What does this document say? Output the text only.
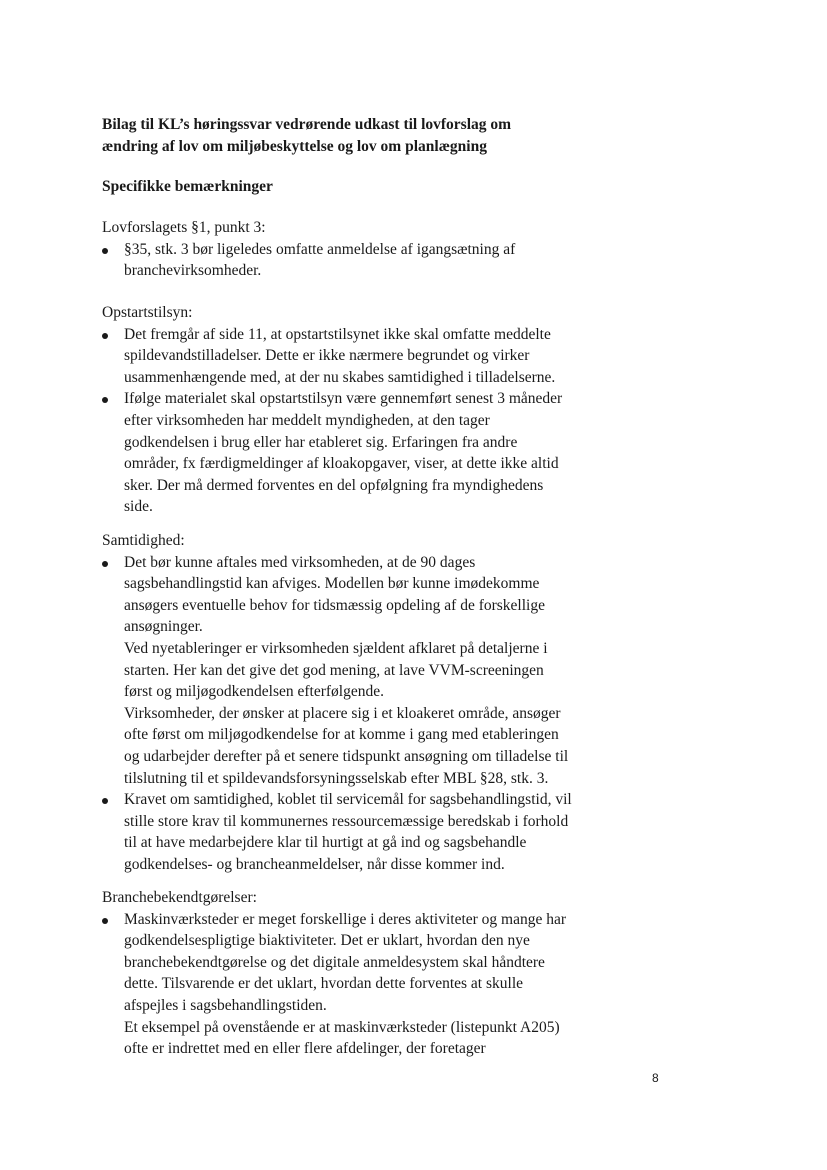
Bilag til KL’s høringssvar vedrørende udkast til lovforslag om
ændring af lov om miljøbeskyttelse og lov om planlægning
Specifikke bemærkninger
Lovforslagets §1, punkt 3:
§35, stk. 3 bør ligeledes omfatte anmeldelse af igangsætning af
branchevirksomheder.
Opstartstilsyn:
Det fremgår af side 11, at opstartstilsynet ikke skal omfatte meddelte
spildevandstilladelser. Dette er ikke nærmere begrundet og virker
usammenhængende med, at der nu skabes samtidighed i tilladelserne.
Ifølge materialet skal opstartstilsyn være gennemført senest 3 måneder
efter virksomheden har meddelt myndigheden, at den tager
godkendelsen i brug eller har etableret sig. Erfaringen fra andre
områder, fx færdigmeldinger af kloakopgaver, viser, at dette ikke altid
sker. Der må dermed forventes en del opfølgning fra myndighedens
side.
Samtidighed:
Det bør kunne aftales med virksomheden, at de 90 dages
sagsbehandlingstid kan afviges. Modellen bør kunne imødekomme
ansøgers eventuelle behov for tidsmæssig opdeling af de forskellige
ansøgninger.
Ved nyetableringer er virksomheden sjældent afklaret på detaljerne i
starten. Her kan det give det god mening, at lave VVM-screeningen
først og miljøgodkendelsen efterfølgende.
Virksomheder, der ønsker at placere sig i et kloakeret område, ansøger
ofte først om miljøgodkendelse for at komme i gang med etableringen
og udarbejder derefter på et senere tidspunkt ansøgning om tilladelse til
tilslutning til et spildevandsforsyningsselskab efter MBL §28, stk. 3.
Kravet om samtidighed, koblet til servicemål for sagsbehandlingstid, vil
stille store krav til kommunernes ressourcemæssige beredskab i forhold
til at have medarbejdere klar til hurtigt at gå ind og sagsbehandle
godkendelses- og brancheanmeldelser, når disse kommer ind.
Branchebekendtgørelser:
Maskinværksteder er meget forskellige i deres aktiviteter og mange har
godkendelsespligtige biaktiviteter. Det er uklart, hvordan den nye
branchebekendtgørelse og det digitale anmeldesystem skal håndtere
dette. Tilsvarende er det uklart, hvordan dette forventes at skulle
afspejles i sagsbehandlingstiden.
Et eksempel på ovenstående er at maskinværksteder (listepunkt A205)
ofte er indrettet med en eller flere afdelinger, der foretager
8
